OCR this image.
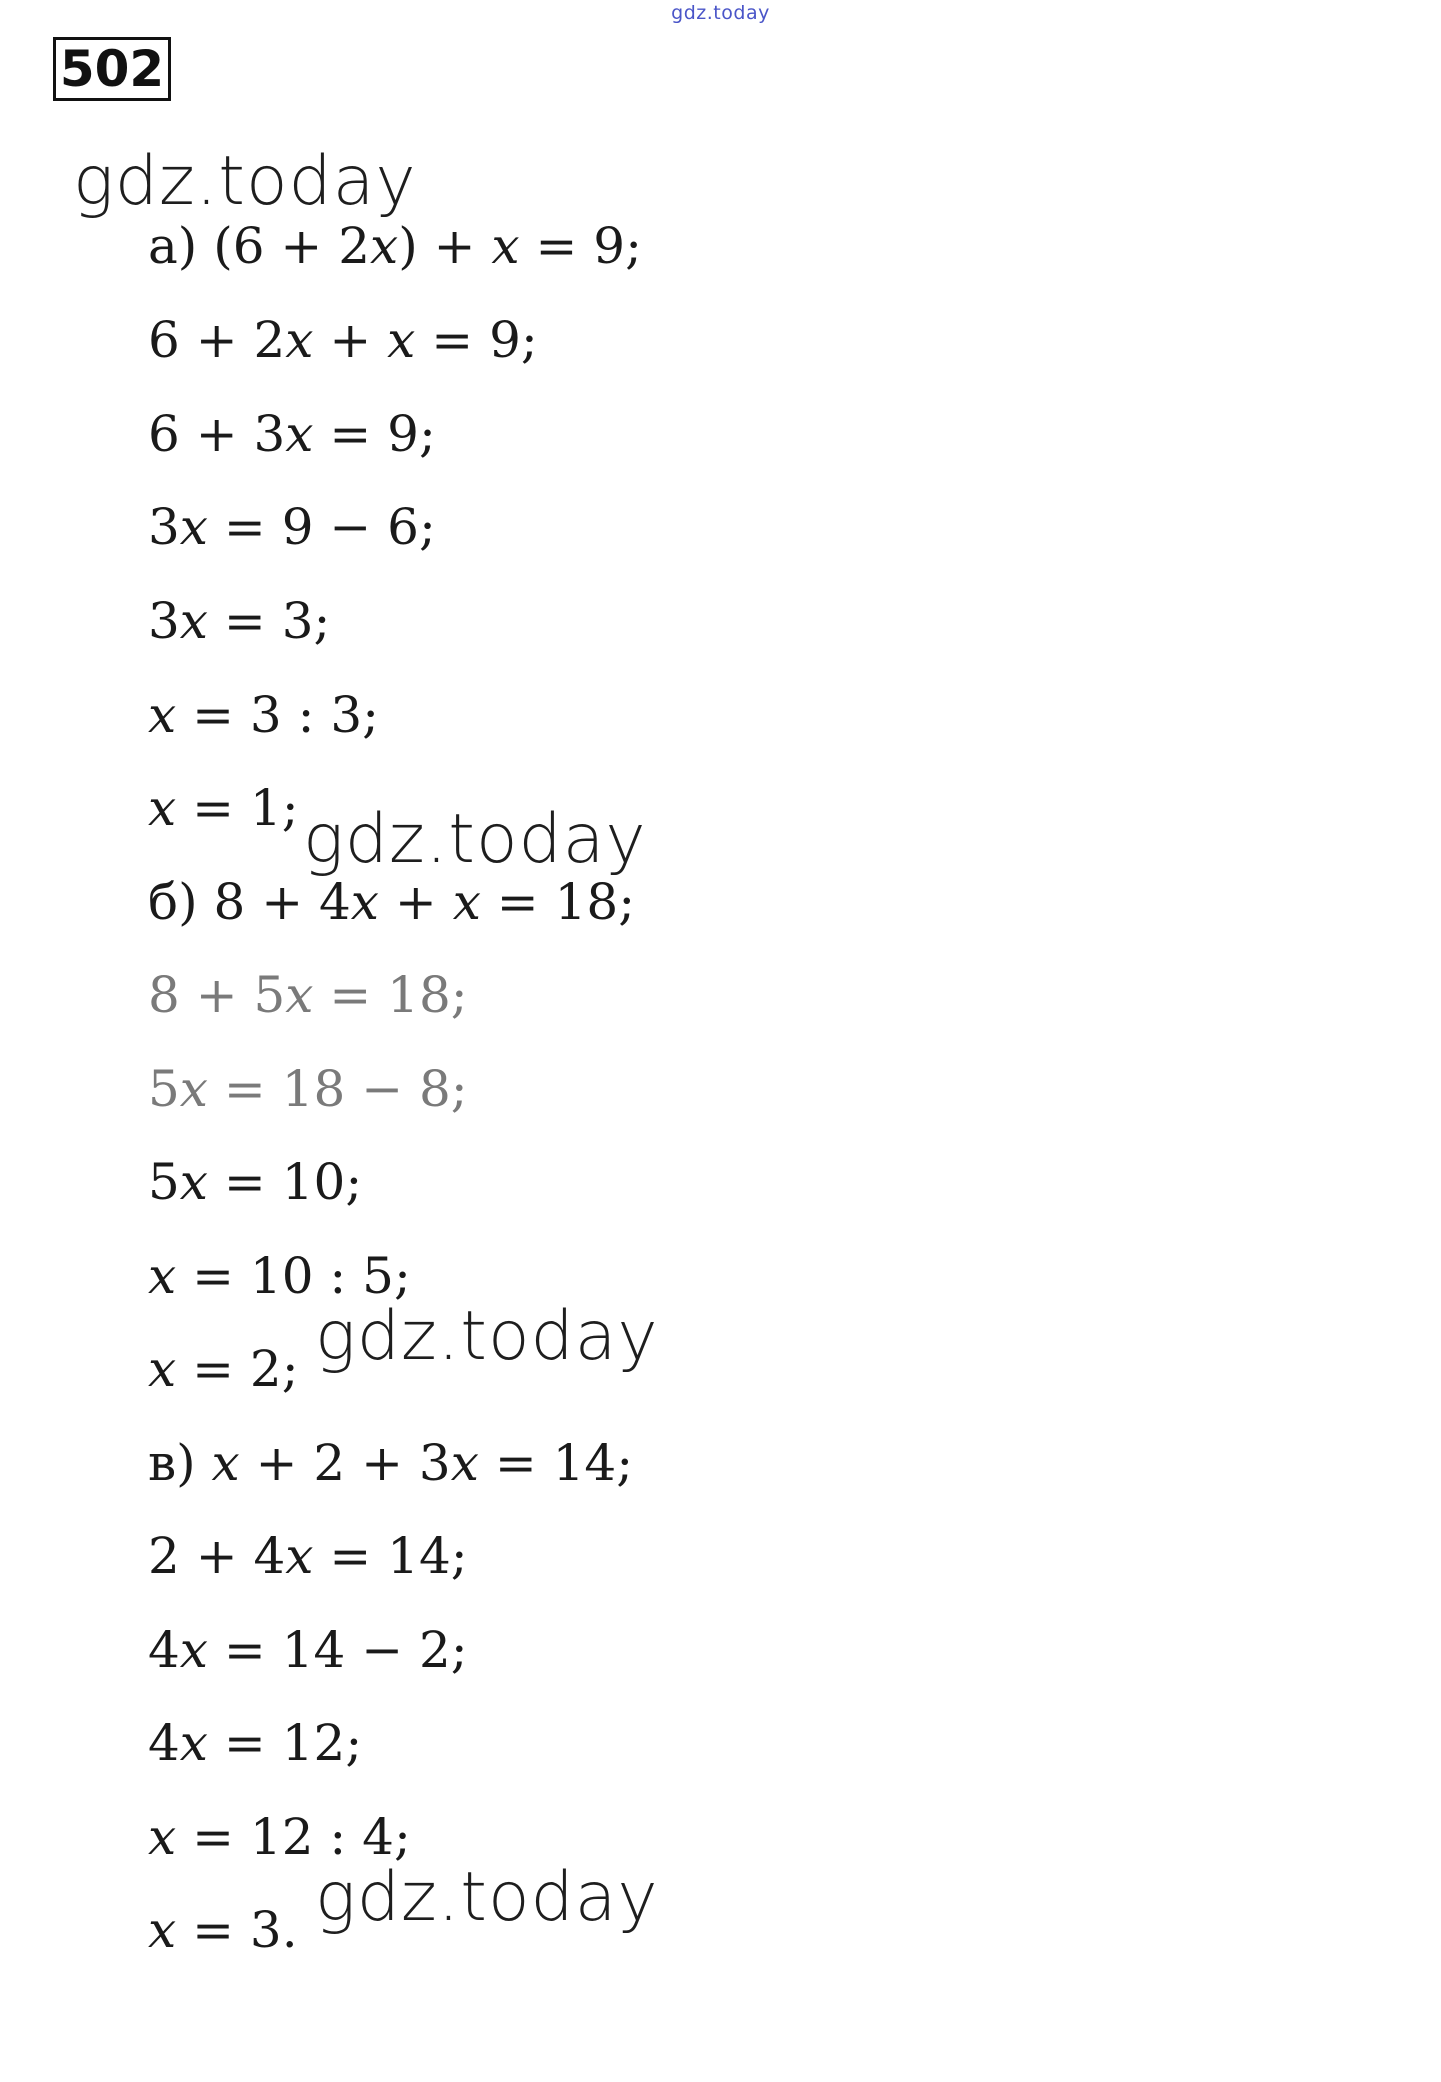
gdz.today
502
gdz.today
gdz.today
gdz.today
gdz.today
а) (6 + 2𝑥) + 𝑥 = 9;
6 + 2𝑥 + 𝑥 = 9;
6 + 3𝑥 = 9;
3𝑥 = 9 − 6;
3𝑥 = 3;
𝑥 = 3 : 3;
𝑥 = 1;
б) 8 + 4𝑥 + 𝑥 = 18;
8 + 5𝑥 = 18;
5𝑥 = 18 − 8;
5𝑥 = 10;
𝑥 = 10 : 5;
𝑥 = 2;
в) 𝑥 + 2 + 3𝑥 = 14;
2 + 4𝑥 = 14;
4𝑥 = 14 − 2;
4𝑥 = 12;
𝑥 = 12 : 4;
𝑥 = 3.
